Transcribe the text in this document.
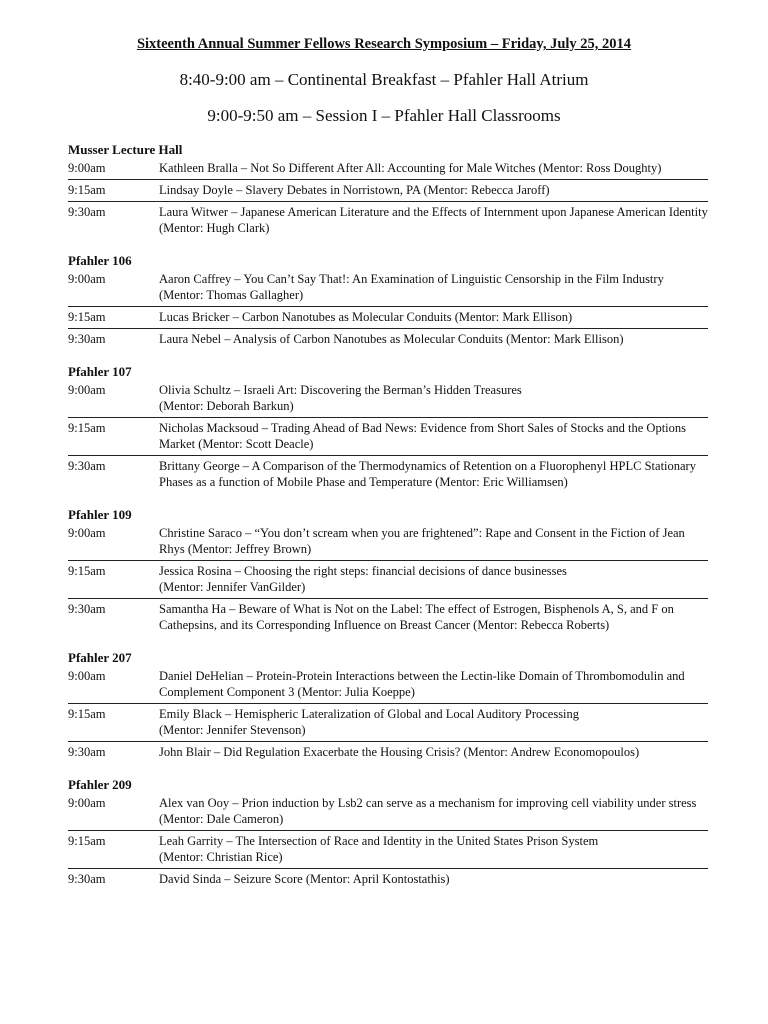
Sixteenth Annual Summer Fellows Research Symposium – Friday, July 25, 2014
8:40-9:00 am – Continental Breakfast – Pfahler Hall Atrium
9:00-9:50 am – Session I – Pfahler Hall Classrooms
Musser Lecture Hall
9:00am	Kathleen Bralla – Not So Different After All: Accounting for Male Witches (Mentor: Ross Doughty)
9:15am	Lindsay Doyle – Slavery Debates in Norristown, PA (Mentor: Rebecca Jaroff)
9:30am	Laura Witwer – Japanese American Literature and the Effects of Internment upon Japanese American Identity (Mentor: Hugh Clark)
Pfahler 106
9:00am	Aaron Caffrey – You Can’t Say That!: An Examination of Linguistic Censorship in the Film Industry (Mentor: Thomas Gallagher)
9:15am	Lucas Bricker – Carbon Nanotubes as Molecular Conduits (Mentor: Mark Ellison)
9:30am	Laura Nebel – Analysis of Carbon Nanotubes as Molecular Conduits (Mentor: Mark Ellison)
Pfahler 107
9:00am	Olivia Schultz – Israeli Art: Discovering the Berman’s Hidden Treasures
(Mentor: Deborah Barkun)
9:15am	Nicholas Macksoud – Trading Ahead of Bad News: Evidence from Short Sales of Stocks and the Options Market (Mentor: Scott Deacle)
9:30am	Brittany George – A Comparison of the Thermodynamics of Retention on a Fluorophenyl HPLC Stationary Phases as a function of Mobile Phase and Temperature (Mentor: Eric Williamsen)
Pfahler 109
9:00am	Christine Saraco – “You don’t scream when you are frightened”: Rape and Consent in the Fiction of Jean Rhys (Mentor: Jeffrey Brown)
9:15am	Jessica Rosina – Choosing the right steps: financial decisions of dance businesses
(Mentor: Jennifer VanGilder)
9:30am	Samantha Ha – Beware of What is Not on the Label: The effect of Estrogen, Bisphenols A, S, and F on Cathepsins, and its Corresponding Influence on Breast Cancer (Mentor: Rebecca Roberts)
Pfahler 207
9:00am	Daniel DeHelian – Protein-Protein Interactions between the Lectin-like Domain of Thrombomodulin and Complement Component 3 (Mentor: Julia Koeppe)
9:15am	Emily Black – Hemispheric Lateralization of Global and Local Auditory Processing
(Mentor: Jennifer Stevenson)
9:30am	John Blair – Did Regulation Exacerbate the Housing Crisis? (Mentor: Andrew Economopoulos)
Pfahler 209
9:00am	Alex van Ooy – Prion induction by Lsb2 can serve as a mechanism for improving cell viability under stress (Mentor: Dale Cameron)
9:15am	Leah Garrity – The Intersection of Race and Identity in the United States Prison System
(Mentor: Christian Rice)
9:30am	David Sinda – Seizure Score (Mentor: April Kontostathis)
